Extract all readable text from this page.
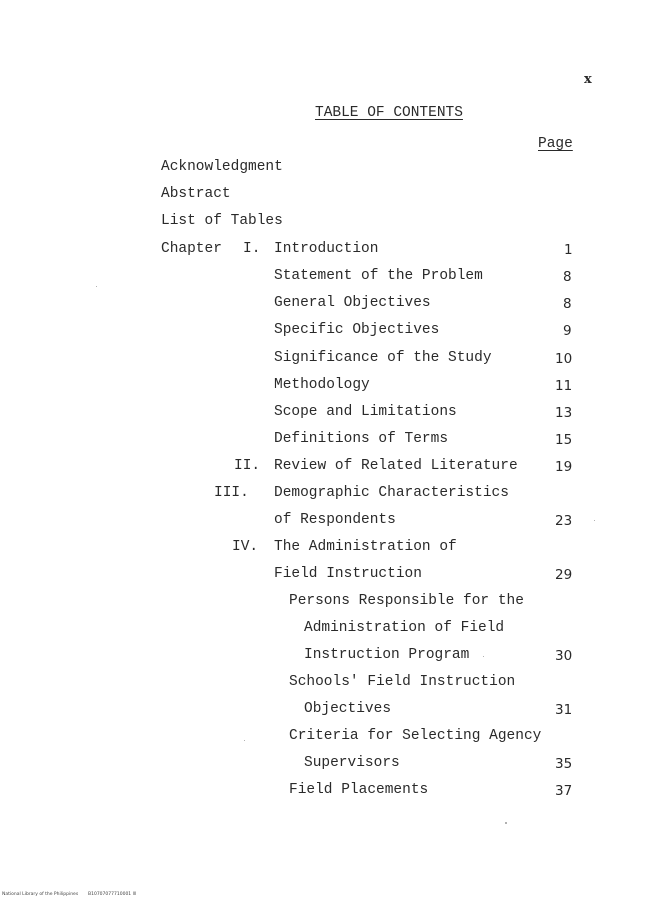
x
TABLE OF CONTENTS
Page
Acknowledgment
Abstract
List of Tables
Chapter I.
II.
III.
IV.
Introduction
Statement of the Problem
General Objectives
Specific Objectives
Significance of the Study
Methodology
Scope and Limitations
Definitions of Terms
Review of Related Literature
Demographic Characteristics
of Respondents
The Administration of
Field Instruction
Persons Responsible for the
Administration of Field
Instruction Program
Schools' Field Instruction
Objectives
Criteria for Selecting Agency
Supervisors
Field Placements
1
8
8
9
10
11
13
15
19
23
29
30
31
35
37
National Library of the Philippines B10707077710001 lll
